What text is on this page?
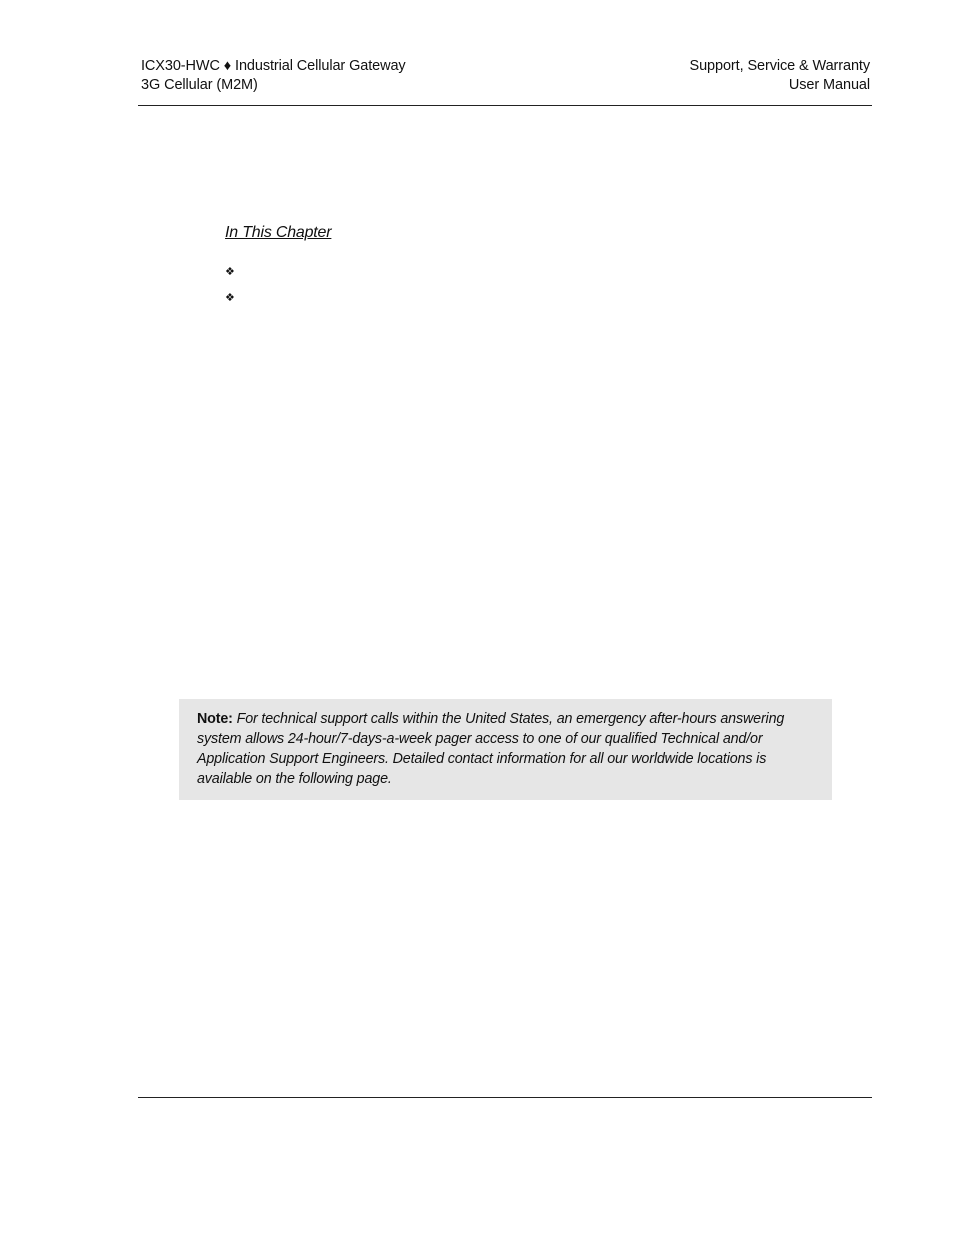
ICX30-HWC ♦ Industrial Cellular Gateway
3G Cellular (M2M)
Support, Service & Warranty
User Manual
In This Chapter
❖
❖
Note: For technical support calls within the United States, an emergency after-hours answering system allows 24-hour/7-days-a-week pager access to one of our qualified Technical and/or Application Support Engineers. Detailed contact information for all our worldwide locations is available on the following page.
